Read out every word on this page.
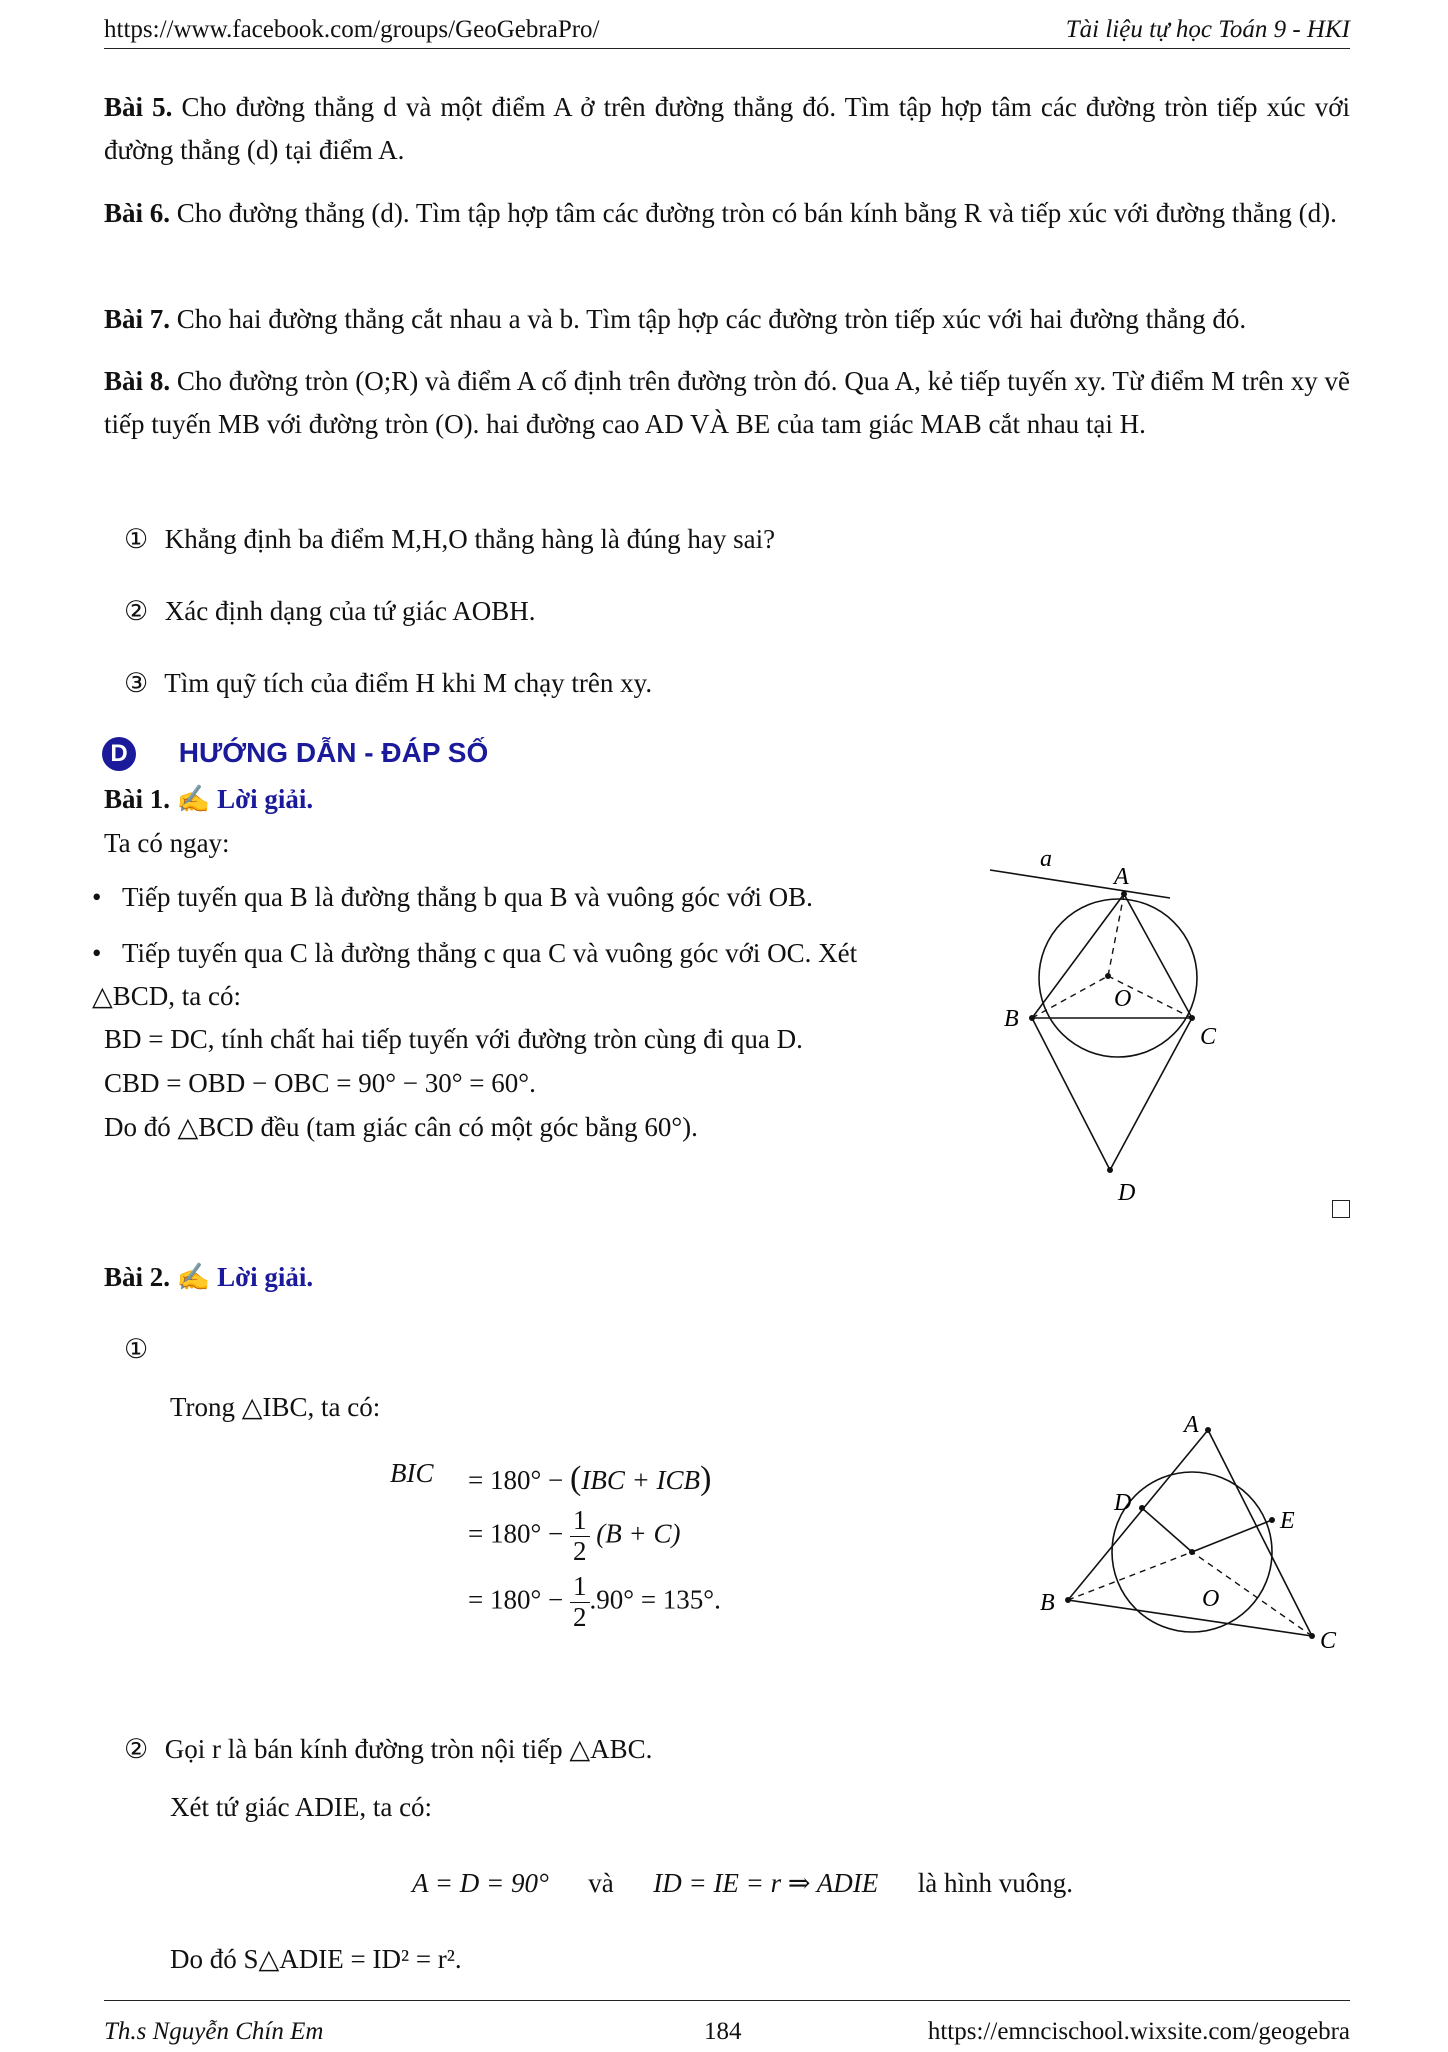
https://www.facebook.com/groups/GeoGebraPro/	Tài liệu tự học Toán 9 - HKI
Bài 5. Cho đường thẳng d và một điểm A ở trên đường thẳng đó. Tìm tập hợp tâm các đường tròn tiếp xúc với đường thẳng (d) tại điểm A.
Bài 6. Cho đường thẳng (d). Tìm tập hợp tâm các đường tròn có bán kính bằng R và tiếp xúc với đường thẳng (d).
Bài 7. Cho hai đường thẳng cắt nhau a và b. Tìm tập hợp các đường tròn tiếp xúc với hai đường thẳng đó.
Bài 8. Cho đường tròn (O;R) và điểm A cố định trên đường tròn đó. Qua A, kẻ tiếp tuyến xy. Từ điểm M trên xy vẽ tiếp tuyến MB với đường tròn (O). hai đường cao AD VÀ BE của tam giác MAB cắt nhau tại H.
① Khẳng định ba điểm M,H,O thẳng hàng là đúng hay sai?
② Xác định dạng của tứ giác AOBH.
③ Tìm quỹ tích của điểm H khi M chạy trên xy.
D HƯỚNG DẪN - ĐÁP SỐ
Bài 1. ✍ Lời giải.
Ta có ngay:
• Tiếp tuyến qua B là đường thẳng b qua B và vuông góc với OB.
• Tiếp tuyến qua C là đường thẳng c qua C và vuông góc với OC. Xét △BCD, ta có:
BD = DC, tính chất hai tiếp tuyến với đường tròn cùng đi qua D.
CBD = OBD − OBC = 90° − 30° = 60°.
Do đó △BCD đều (tam giác cân có một góc bằng 60°).
a
A
O
B
C
D
Bài 2. ✍ Lời giải.
①
Trong △IBC, ta có:
BIC = 180° − (IBC + ICB)
= $180^\circ - \frac{1}{2} (B + C)$
= $180^\circ - \frac{1}{2} .90^\circ = 135^\circ$.
A
D
E
B	O
C
② Gọi r là bán kính đường tròn nội tiếp △ABC.
Xét tứ giác ADIE, ta có:
A = D = 90° và ID = IE = r ⇒ ADIE là hình vuông.
Do đó S△ADIE = ID² = r².
Th.s Nguyễn Chín Em	184	https://emncischool.wixsite.com/geogebra
